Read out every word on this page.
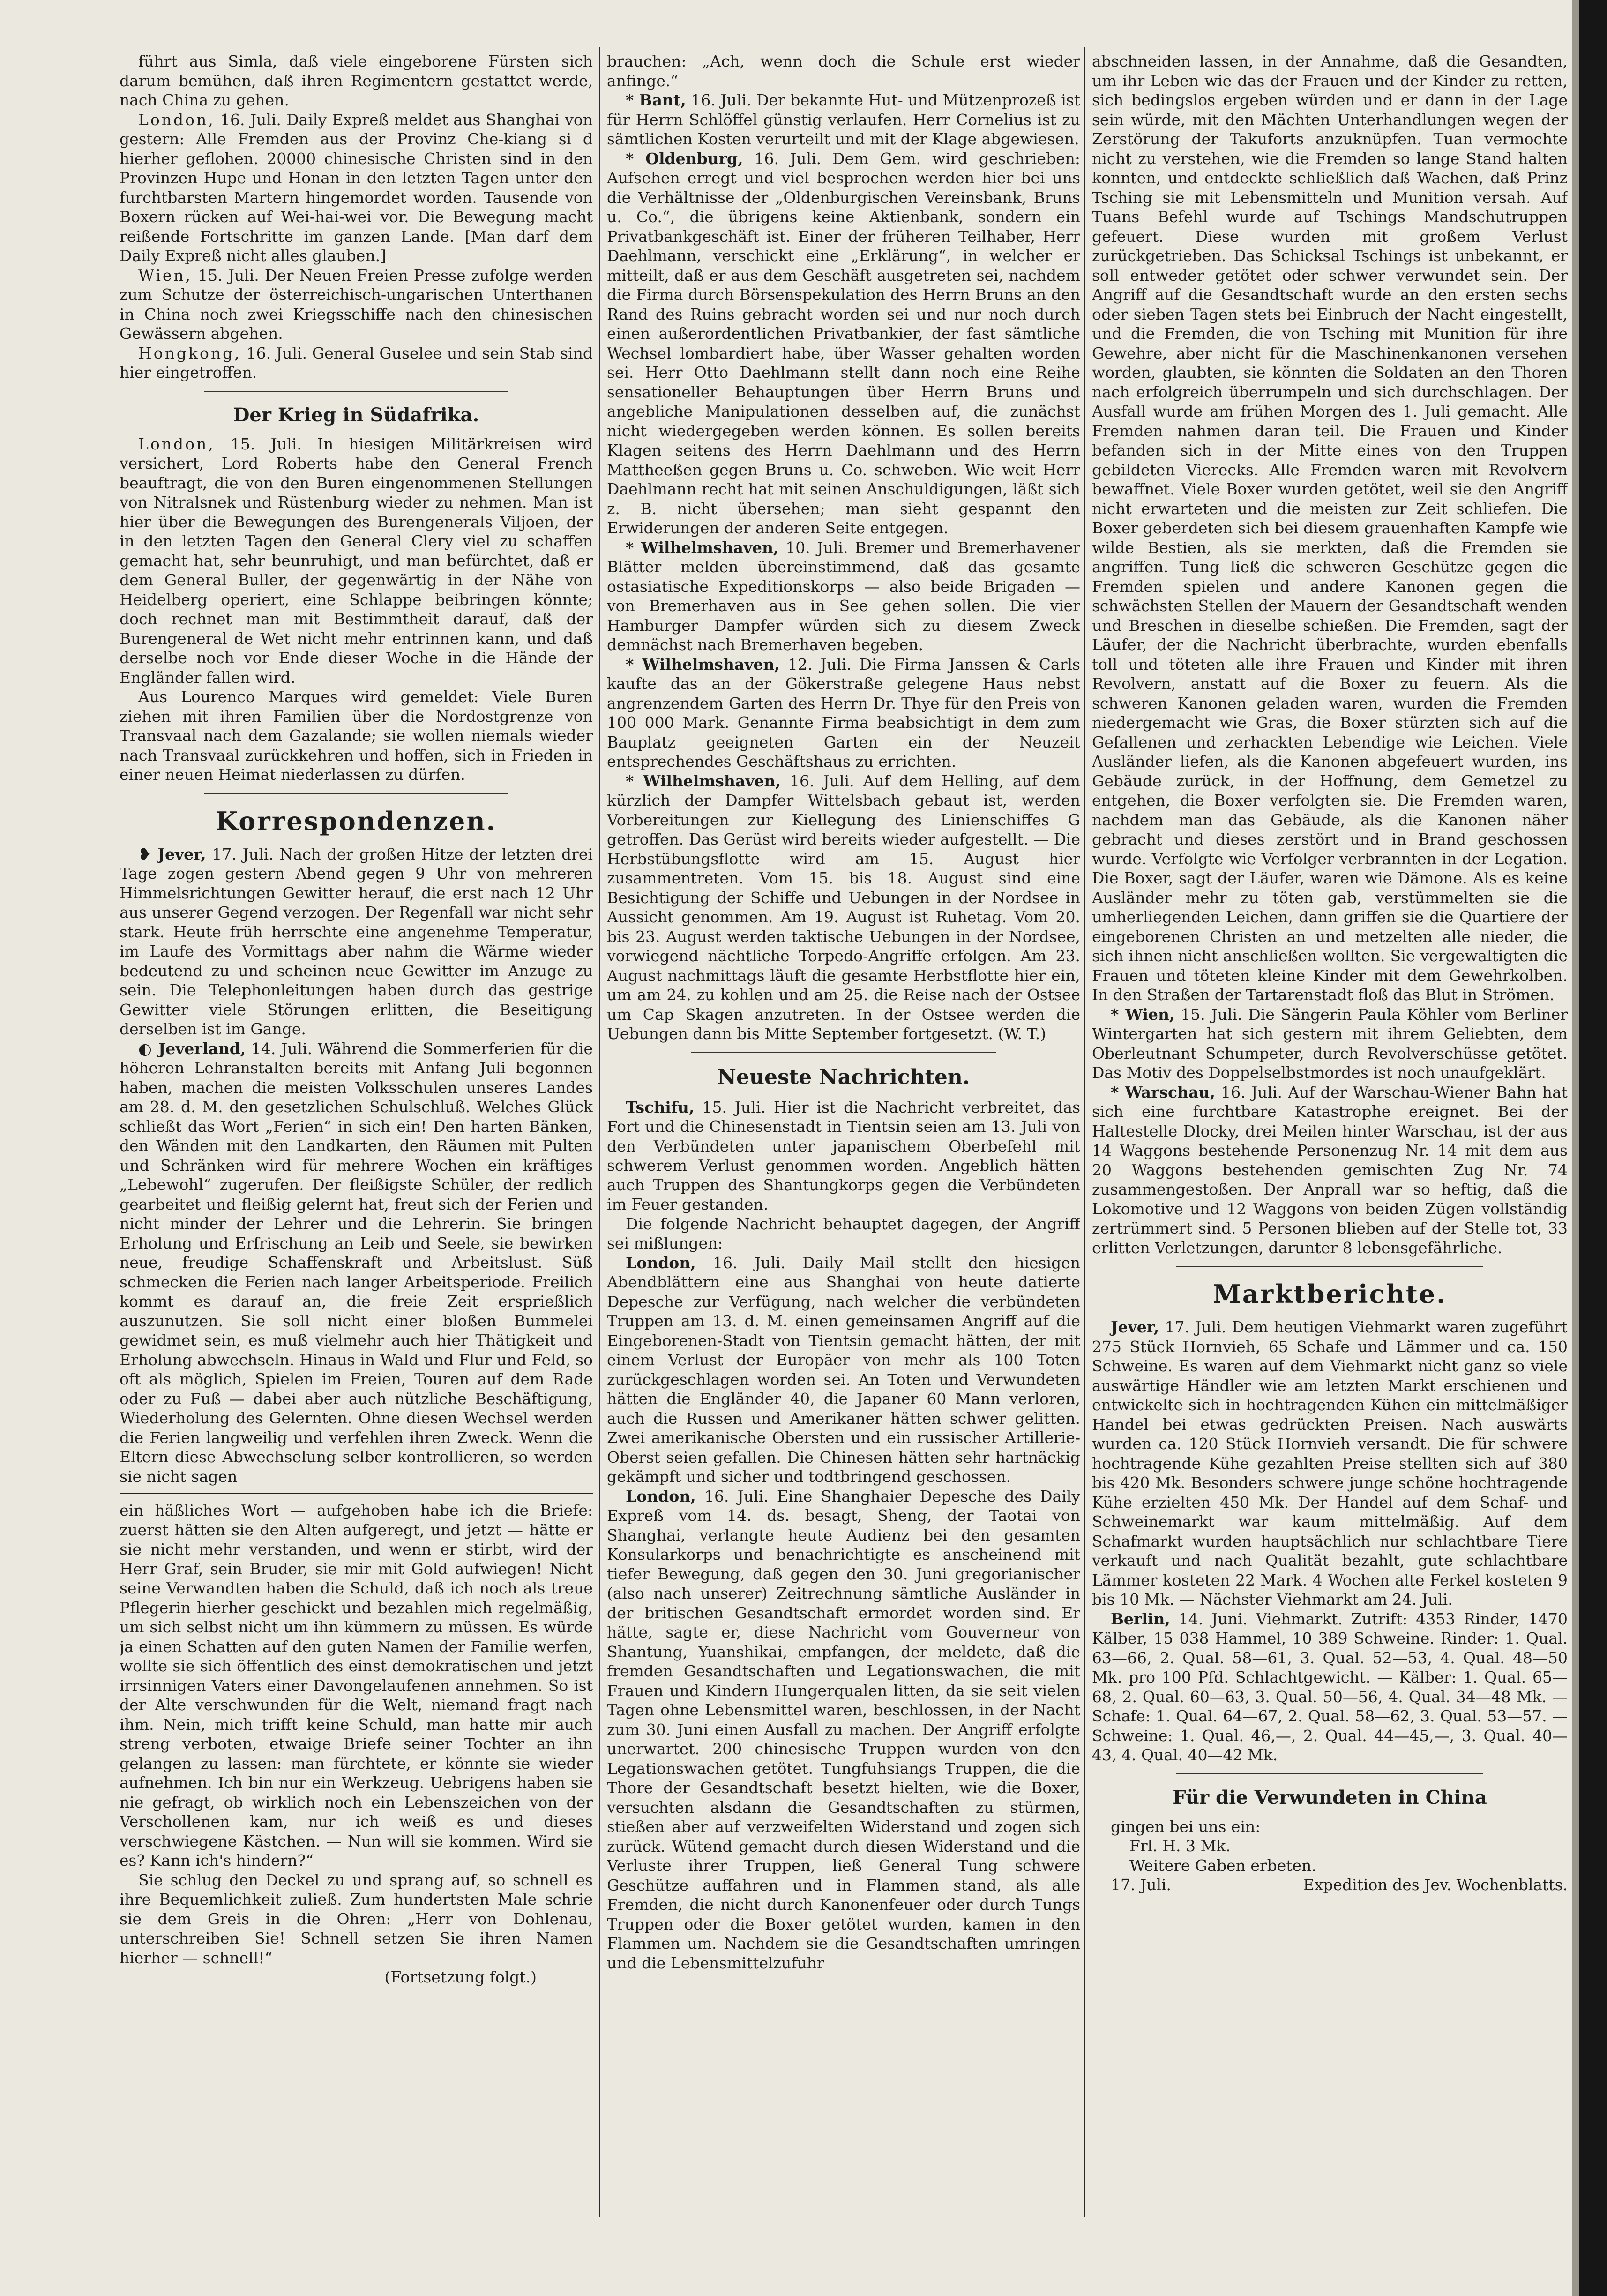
führt aus Simla, daß viele eingeborene Fürsten sich darum bemühen, daß ihren Regimentern gestattet werde, nach China zu gehen.

London, 16. Juli. Daily Expreß meldet aus Shanghai von gestern: Alle Fremden aus der Provinz Che-kiang si d hierher geflohen. 20000 chinesische Christen sind in den Provinzen Hupe und Honan in den letzten Tagen unter den furchtbarsten Martern hingemordet worden. Tausende von Boxern rücken auf Wei-hai-wei vor. Die Bewegung macht reißende Fortschritte im ganzen Lande. [Man darf dem Daily Expreß nicht alles glauben.]

Wien, 15. Juli. Der Neuen Freien Presse zufolge werden zum Schutze der österreichisch-ungarischen Unterthanen in China noch zwei Kriegsschiffe nach den chinesischen Gewässern abgehen.

Hongkong, 16. Juli. General Guselee und sein Stab sind hier eingetroffen.

Der Krieg in Südafrika.

London, 15. Juli. In hiesigen Militärkreisen wird versichert, Lord Roberts habe den General French beauftragt, die von den Buren eingenommenen Stellungen von Nitralsnek und Rüstenburg wieder zu nehmen. Man ist hier über die Bewegungen des Burengenerals Viljoen, der in den letzten Tagen den General Clery viel zu schaffen gemacht hat, sehr beunruhigt, und man befürchtet, daß er dem General Buller, der gegenwärtig in der Nähe von Heidelberg operiert, eine Schlappe beibringen könnte; doch rechnet man mit Bestimmtheit darauf, daß der Burengeneral de Wet nicht mehr entrinnen kann, und daß derselbe noch vor Ende dieser Woche in die Hände der Engländer fallen wird.

Aus Lourenco Marques wird gemeldet: Viele Buren ziehen mit ihren Familien über die Nordostgrenze von Transvaal nach dem Gazalande; sie wollen niemals wieder nach Transvaal zurückkehren und hoffen, sich in Frieden in einer neuen Heimat niederlassen zu dürfen.

Korrespondenzen.

❥ Jever, 17. Juli. Nach der großen Hitze der letzten drei Tage zogen gestern Abend gegen 9 Uhr von mehreren Himmelsrichtungen Gewitter herauf, die erst nach 12 Uhr aus unserer Gegend verzogen. Der Regenfall war nicht sehr stark. Heute früh herrschte eine angenehme Temperatur, im Laufe des Vormittags aber nahm die Wärme wieder bedeutend zu und scheinen neue Gewitter im Anzuge zu sein. Die Telephonleitungen haben durch das gestrige Gewitter viele Störungen erlitten, die Beseitigung derselben ist im Gange.

◐ Jeverland, 14. Juli. Während die Sommerferien für die höheren Lehranstalten bereits mit Anfang Juli begonnen haben, machen die meisten Volksschulen unseres Landes am 28. d. M. den gesetzlichen Schulschluß. Welches Glück schließt das Wort „Ferien“ in sich ein! Den harten Bänken, den Wänden mit den Landkarten, den Räumen mit Pulten und Schränken wird für mehrere Wochen ein kräftiges „Lebewohl“ zugerufen. Der fleißigste Schüler, der redlich gearbeitet und fleißig gelernt hat, freut sich der Ferien und nicht minder der Lehrer und die Lehrerin. Sie bringen Erholung und Erfrischung an Leib und Seele, sie bewirken neue, freudige Schaffenskraft und Arbeitslust. Süß schmecken die Ferien nach langer Arbeitsperiode. Freilich kommt es darauf an, die freie Zeit ersprießlich auszunutzen. Sie soll nicht einer bloßen Bummelei gewidmet sein, es muß vielmehr auch hier Thätigkeit und Erholung abwechseln. Hinaus in Wald und Flur und Feld, so oft als möglich, Spielen im Freien, Touren auf dem Rade oder zu Fuß — dabei aber auch nützliche Beschäftigung, Wiederholung des Gelernten. Ohne diesen Wechsel werden die Ferien langweilig und verfehlen ihren Zweck. Wenn die Eltern diese Abwechselung selber kontrollieren, so werden sie nicht sagen

ein häßliches Wort — aufgehoben habe ich die Briefe: zuerst hätten sie den Alten aufgeregt, und jetzt — hätte er sie nicht mehr verstanden, und wenn er stirbt, wird der Herr Graf, sein Bruder, sie mir mit Gold aufwiegen! Nicht seine Verwandten haben die Schuld, daß ich noch als treue Pflegerin hierher geschickt und bezahlen mich regelmäßig, um sich selbst nicht um ihn kümmern zu müssen. Es würde ja einen Schatten auf den guten Namen der Familie werfen, wollte sie sich öffentlich des einst demokratischen und jetzt irrsinnigen Vaters einer Davongelaufenen annehmen. So ist der Alte verschwunden für die Welt, niemand fragt nach ihm. Nein, mich trifft keine Schuld, man hatte mir auch streng verboten, etwaige Briefe seiner Tochter an ihn gelangen zu lassen: man fürchtete, er könnte sie wieder aufnehmen. Ich bin nur ein Werkzeug. Uebrigens haben sie nie gefragt, ob wirklich noch ein Lebenszeichen von der Verschollenen kam, nur ich weiß es und dieses verschwiegene Kästchen. — Nun will sie kommen. Wird sie es? Kann ich's hindern?“

Sie schlug den Deckel zu und sprang auf, so schnell es ihre Bequemlichkeit zuließ. Zum hundertsten Male schrie sie dem Greis in die Ohren: „Herr von Dohlenau, unterschreiben Sie! Schnell setzen Sie ihren Namen hierher — schnell!“

(Fortsetzung folgt.)

brauchen: „Ach, wenn doch die Schule erst wieder anfinge.“

* Bant, 16. Juli. Der bekannte Hut- und Mützenprozeß ist für Herrn Schlöffel günstig verlaufen. Herr Cornelius ist zu sämtlichen Kosten verurteilt und mit der Klage abgewiesen.

* Oldenburg, 16. Juli. Dem Gem. wird geschrieben: Aufsehen erregt und viel besprochen werden hier bei uns die Verhältnisse der „Oldenburgischen Vereinsbank, Bruns u. Co.“, die übrigens keine Aktienbank, sondern ein Privatbankgeschäft ist. Einer der früheren Teilhaber, Herr Daehlmann, verschickt eine „Erklärung“, in welcher er mitteilt, daß er aus dem Geschäft ausgetreten sei, nachdem die Firma durch Börsenspekulation des Herrn Bruns an den Rand des Ruins gebracht worden sei und nur noch durch einen außerordentlichen Privatbankier, der fast sämtliche Wechsel lombardiert habe, über Wasser gehalten worden sei. Herr Otto Daehlmann stellt dann noch eine Reihe sensationeller Behauptungen über Herrn Bruns und angebliche Manipulationen desselben auf, die zunächst nicht wiedergegeben werden können. Es sollen bereits Klagen seitens des Herrn Daehlmann und des Herrn Mattheeßen gegen Bruns u. Co. schweben. Wie weit Herr Daehlmann recht hat mit seinen Anschuldigungen, läßt sich z. B. nicht übersehen; man sieht gespannt den Erwiderungen der anderen Seite entgegen.

* Wilhelmshaven, 10. Juli. Bremer und Bremerhavener Blätter melden übereinstimmend, daß das gesamte ostasiatische Expeditionskorps — also beide Brigaden — von Bremerhaven aus in See gehen sollen. Die vier Hamburger Dampfer würden sich zu diesem Zweck demnächst nach Bremerhaven begeben.

* Wilhelmshaven, 12. Juli. Die Firma Janssen & Carls kaufte das an der Gökerstraße gelegene Haus nebst angrenzendem Garten des Herrn Dr. Thye für den Preis von 100 000 Mark. Genannte Firma beabsichtigt in dem zum Bauplatz geeigneten Garten ein der Neuzeit entsprechendes Geschäftshaus zu errichten.

* Wilhelmshaven, 16. Juli. Auf dem Helling, auf dem kürzlich der Dampfer Wittelsbach gebaut ist, werden Vorbereitungen zur Kiellegung des Linienschiffes G getroffen. Das Gerüst wird bereits wieder aufgestellt. — Die Herbstübungsflotte wird am 15. August hier zusammentreten. Vom 15. bis 18. August sind eine Besichtigung der Schiffe und Uebungen in der Nordsee in Aussicht genommen. Am 19. August ist Ruhetag. Vom 20. bis 23. August werden taktische Uebungen in der Nordsee, vorwiegend nächtliche Torpedo-Angriffe erfolgen. Am 23. August nachmittags läuft die gesamte Herbstflotte hier ein, um am 24. zu kohlen und am 25. die Reise nach der Ostsee um Cap Skagen anzutreten. In der Ostsee werden die Uebungen dann bis Mitte September fortgesetzt. (W. T.)

Neueste Nachrichten.

Tschifu, 15. Juli. Hier ist die Nachricht verbreitet, das Fort und die Chinesenstadt in Tientsin seien am 13. Juli von den Verbündeten unter japanischem Oberbefehl mit schwerem Verlust genommen worden. Angeblich hätten auch Truppen des Shantungkorps gegen die Verbündeten im Feuer gestanden.

Die folgende Nachricht behauptet dagegen, der Angriff sei mißlungen:

London, 16. Juli. Daily Mail stellt den hiesigen Abendblättern eine aus Shanghai von heute datierte Depesche zur Verfügung, nach welcher die verbündeten Truppen am 13. d. M. einen gemeinsamen Angriff auf die Eingeborenen-Stadt von Tientsin gemacht hätten, der mit einem Verlust der Europäer von mehr als 100 Toten zurückgeschlagen worden sei. An Toten und Verwundeten hätten die Engländer 40, die Japaner 60 Mann verloren, auch die Russen und Amerikaner hätten schwer gelitten. Zwei amerikanische Obersten und ein russischer Artillerie-Oberst seien gefallen. Die Chinesen hätten sehr hartnäckig gekämpft und sicher und todtbringend geschossen.

London, 16. Juli. Eine Shanghaier Depesche des Daily Expreß vom 14. ds. besagt, Sheng, der Taotai von Shanghai, verlangte heute Audienz bei den gesamten Konsularkorps und benachrichtigte es anscheinend mit tiefer Bewegung, daß gegen den 30. Juni gregorianischer (also nach unserer) Zeitrechnung sämtliche Ausländer in der britischen Gesandtschaft ermordet worden sind. Er hätte, sagte er, diese Nachricht vom Gouverneur von Shantung, Yuanshikai, empfangen, der meldete, daß die fremden Gesandtschaften und Legationswachen, die mit Frauen und Kindern Hungerqualen litten, da sie seit vielen Tagen ohne Lebensmittel waren, beschlossen, in der Nacht zum 30. Juni einen Ausfall zu machen. Der Angriff erfolgte unerwartet. 200 chinesische Truppen wurden von den Legationswachen getötet. Tungfuhsiangs Truppen, die die Thore der Gesandtschaft besetzt hielten, wie die Boxer, versuchten alsdann die Gesandtschaften zu stürmen, stießen aber auf verzweifelten Widerstand und zogen sich zurück. Wütend gemacht durch diesen Widerstand und die Verluste ihrer Truppen, ließ General Tung schwere Geschütze auffahren und in Flammen stand, als alle Fremden, die nicht durch Kanonenfeuer oder durch Tungs Truppen oder die Boxer getötet wurden, kamen in den Flammen um. Nachdem sie die Gesandtschaften umringen und die Lebensmittelzufuhr

abschneiden lassen, in der Annahme, daß die Gesandten, um ihr Leben wie das der Frauen und der Kinder zu retten, sich bedingslos ergeben würden und er dann in der Lage sein würde, mit den Mächten Unterhandlungen wegen der Zerstörung der Takuforts anzuknüpfen. Tuan vermochte nicht zu verstehen, wie die Fremden so lange Stand halten konnten, und entdeckte schließlich daß Wachen, daß Prinz Tsching sie mit Lebensmitteln und Munition versah. Auf Tuans Befehl wurde auf Tschings Mandschutruppen gefeuert. Diese wurden mit großem Verlust zurückgetrieben. Das Schicksal Tschings ist unbekannt, er soll entweder getötet oder schwer verwundet sein. Der Angriff auf die Gesandtschaft wurde an den ersten sechs oder sieben Tagen stets bei Einbruch der Nacht eingestellt, und die Fremden, die von Tsching mit Munition für ihre Gewehre, aber nicht für die Maschinenkanonen versehen worden, glaubten, sie könnten die Soldaten an den Thoren nach erfolgreich überrumpeln und sich durchschlagen. Der Ausfall wurde am frühen Morgen des 1. Juli gemacht. Alle Fremden nahmen daran teil. Die Frauen und Kinder befanden sich in der Mitte eines von den Truppen gebildeten Vierecks. Alle Fremden waren mit Revolvern bewaffnet. Viele Boxer wurden getötet, weil sie den Angriff nicht erwarteten und die meisten zur Zeit schliefen. Die Boxer geberdeten sich bei diesem grauenhaften Kampfe wie wilde Bestien, als sie merkten, daß die Fremden sie angriffen. Tung ließ die schweren Geschütze gegen die Fremden spielen und andere Kanonen gegen die schwächsten Stellen der Mauern der Gesandtschaft wenden und Breschen in dieselbe schießen. Die Fremden, sagt der Läufer, der die Nachricht überbrachte, wurden ebenfalls toll und töteten alle ihre Frauen und Kinder mit ihren Revolvern, anstatt auf die Boxer zu feuern. Als die schweren Kanonen geladen waren, wurden die Fremden niedergemacht wie Gras, die Boxer stürzten sich auf die Gefallenen und zerhackten Lebendige wie Leichen. Viele Ausländer liefen, als die Kanonen abgefeuert wurden, ins Gebäude zurück, in der Hoffnung, dem Gemetzel zu entgehen, die Boxer verfolgten sie. Die Fremden waren, nachdem man das Gebäude, als die Kanonen näher gebracht und dieses zerstört und in Brand geschossen wurde. Verfolgte wie Verfolger verbrannten in der Legation. Die Boxer, sagt der Läufer, waren wie Dämone. Als es keine Ausländer mehr zu töten gab, verstümmelten sie die umherliegenden Leichen, dann griffen sie die Quartiere der eingeborenen Christen an und metzelten alle nieder, die sich ihnen nicht anschließen wollten. Sie vergewaltigten die Frauen und töteten kleine Kinder mit dem Gewehrkolben. In den Straßen der Tartarenstadt floß das Blut in Strömen.

* Wien, 15. Juli. Die Sängerin Paula Köhler vom Berliner Wintergarten hat sich gestern mit ihrem Geliebten, dem Oberleutnant Schumpeter, durch Revolverschüsse getötet. Das Motiv des Doppelselbstmordes ist noch unaufgeklärt.

* Warschau, 16. Juli. Auf der Warschau-Wiener Bahn hat sich eine furchtbare Katastrophe ereignet. Bei der Haltestelle Dlocky, drei Meilen hinter Warschau, ist der aus 14 Waggons bestehende Personenzug Nr. 14 mit dem aus 20 Waggons bestehenden gemischten Zug Nr. 74 zusammengestoßen. Der Anprall war so heftig, daß die Lokomotive und 12 Waggons von beiden Zügen vollständig zertrümmert sind. 5 Personen blieben auf der Stelle tot, 33 erlitten Verletzungen, darunter 8 lebensgefährliche.

Marktberichte.

Jever, 17. Juli. Dem heutigen Viehmarkt waren zugeführt 275 Stück Hornvieh, 65 Schafe und Lämmer und ca. 150 Schweine. Es waren auf dem Viehmarkt nicht ganz so viele auswärtige Händler wie am letzten Markt erschienen und entwickelte sich in hochtragenden Kühen ein mittelmäßiger Handel bei etwas gedrückten Preisen. Nach auswärts wurden ca. 120 Stück Hornvieh versandt. Die für schwere hochtragende Kühe gezahlten Preise stellten sich auf 380 bis 420 Mk. Besonders schwere junge schöne hochtragende Kühe erzielten 450 Mk. Der Handel auf dem Schaf- und Schweinemarkt war kaum mittelmäßig. Auf dem Schafmarkt wurden hauptsächlich nur schlachtbare Tiere verkauft und nach Qualität bezahlt, gute schlachtbare Lämmer kosteten 22 Mark. 4 Wochen alte Ferkel kosteten 9 bis 10 Mk. — Nächster Viehmarkt am 24. Juli.

Berlin, 14. Juni. Viehmarkt. Zutrift: 4353 Rinder, 1470 Kälber, 15 038 Hammel, 10 389 Schweine. Rinder: 1. Qual. 63—66, 2. Qual. 58—61, 3. Qual. 52—53, 4. Qual. 48—50 Mk. pro 100 Pfd. Schlachtgewicht. — Kälber: 1. Qual. 65—68, 2. Qual. 60—63, 3. Qual. 50—56, 4. Qual. 34—48 Mk. — Schafe: 1. Qual. 64—67, 2. Qual. 58—62, 3. Qual. 53—57. — Schweine: 1. Qual. 46,—, 2. Qual. 44—45,—, 3. Qual. 40—43, 4. Qual. 40—42 Mk.

Für die Verwundeten in China

gingen bei uns ein:

Frl. H. 3 Mk.

Weitere Gaben erbeten.

17. Juli.	Expedition des Jev. Wochenblatts.
